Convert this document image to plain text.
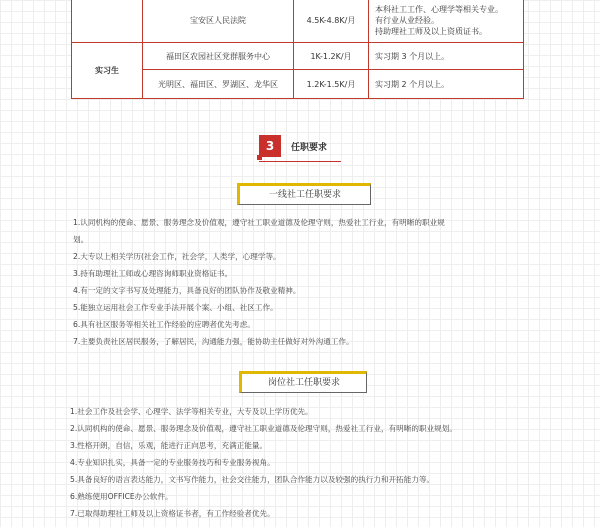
	宝安区人民法院	4.5K-4.8K/月	本科社工工作、心理学等相关专业。
有行业从业经验。
持助理社工师及以上资质证书。

实习生	福田区农园社区党群服务中心	1K-1.2K/月	实习期 3 个月以上。
	光明区、福田区、罗湖区、龙华区	1.2K-1.5K/月	实习期 2 个月以上。
3	任职要求
一线社工任职要求
1.认同机构的使命、愿景、服务理念及价值观，遵守社工职业道德及伦理守则，热爱社工行业，有明晰的职业规
划。
2.大专以上相关学历(社会工作，社会学，人类学，心理学等。
3.持有助理社工师或心理咨询师职业资格证书。
4.有一定的文字书写及处理能力，具备良好的团队协作及敬业精神。
5.能独立运用社会工作专业手法开展个案、小组、社区工作。
6.具有社区服务等相关社工作经验的应聘者优先考虑。
7.主要负责社区居民服务，了解居民，沟通能力强，能协助主任做好对外沟通工作。
岗位社工任职要求
1.社会工作及社会学、心理学、法学等相关专业，大专及以上学历优先。
2.认同机构的使命、愿景、服务理念及价值观，遵守社工职业道德及伦理守则，热爱社工行业，有明晰的职业规划。
3.性格开朗，自信，乐观，能进行正向思考，充满正能量。
4.专业知识扎实，具备一定的专业服务技巧和专业服务视角。
5.具备良好的语言表达能力，文书写作能力，社会交往能力，团队合作能力以及较强的执行力和开拓能力等。
6.熟练使用OFFICE办公软件。
7.已取得助理社工师及以上资格证书者，有工作经验者优先。
